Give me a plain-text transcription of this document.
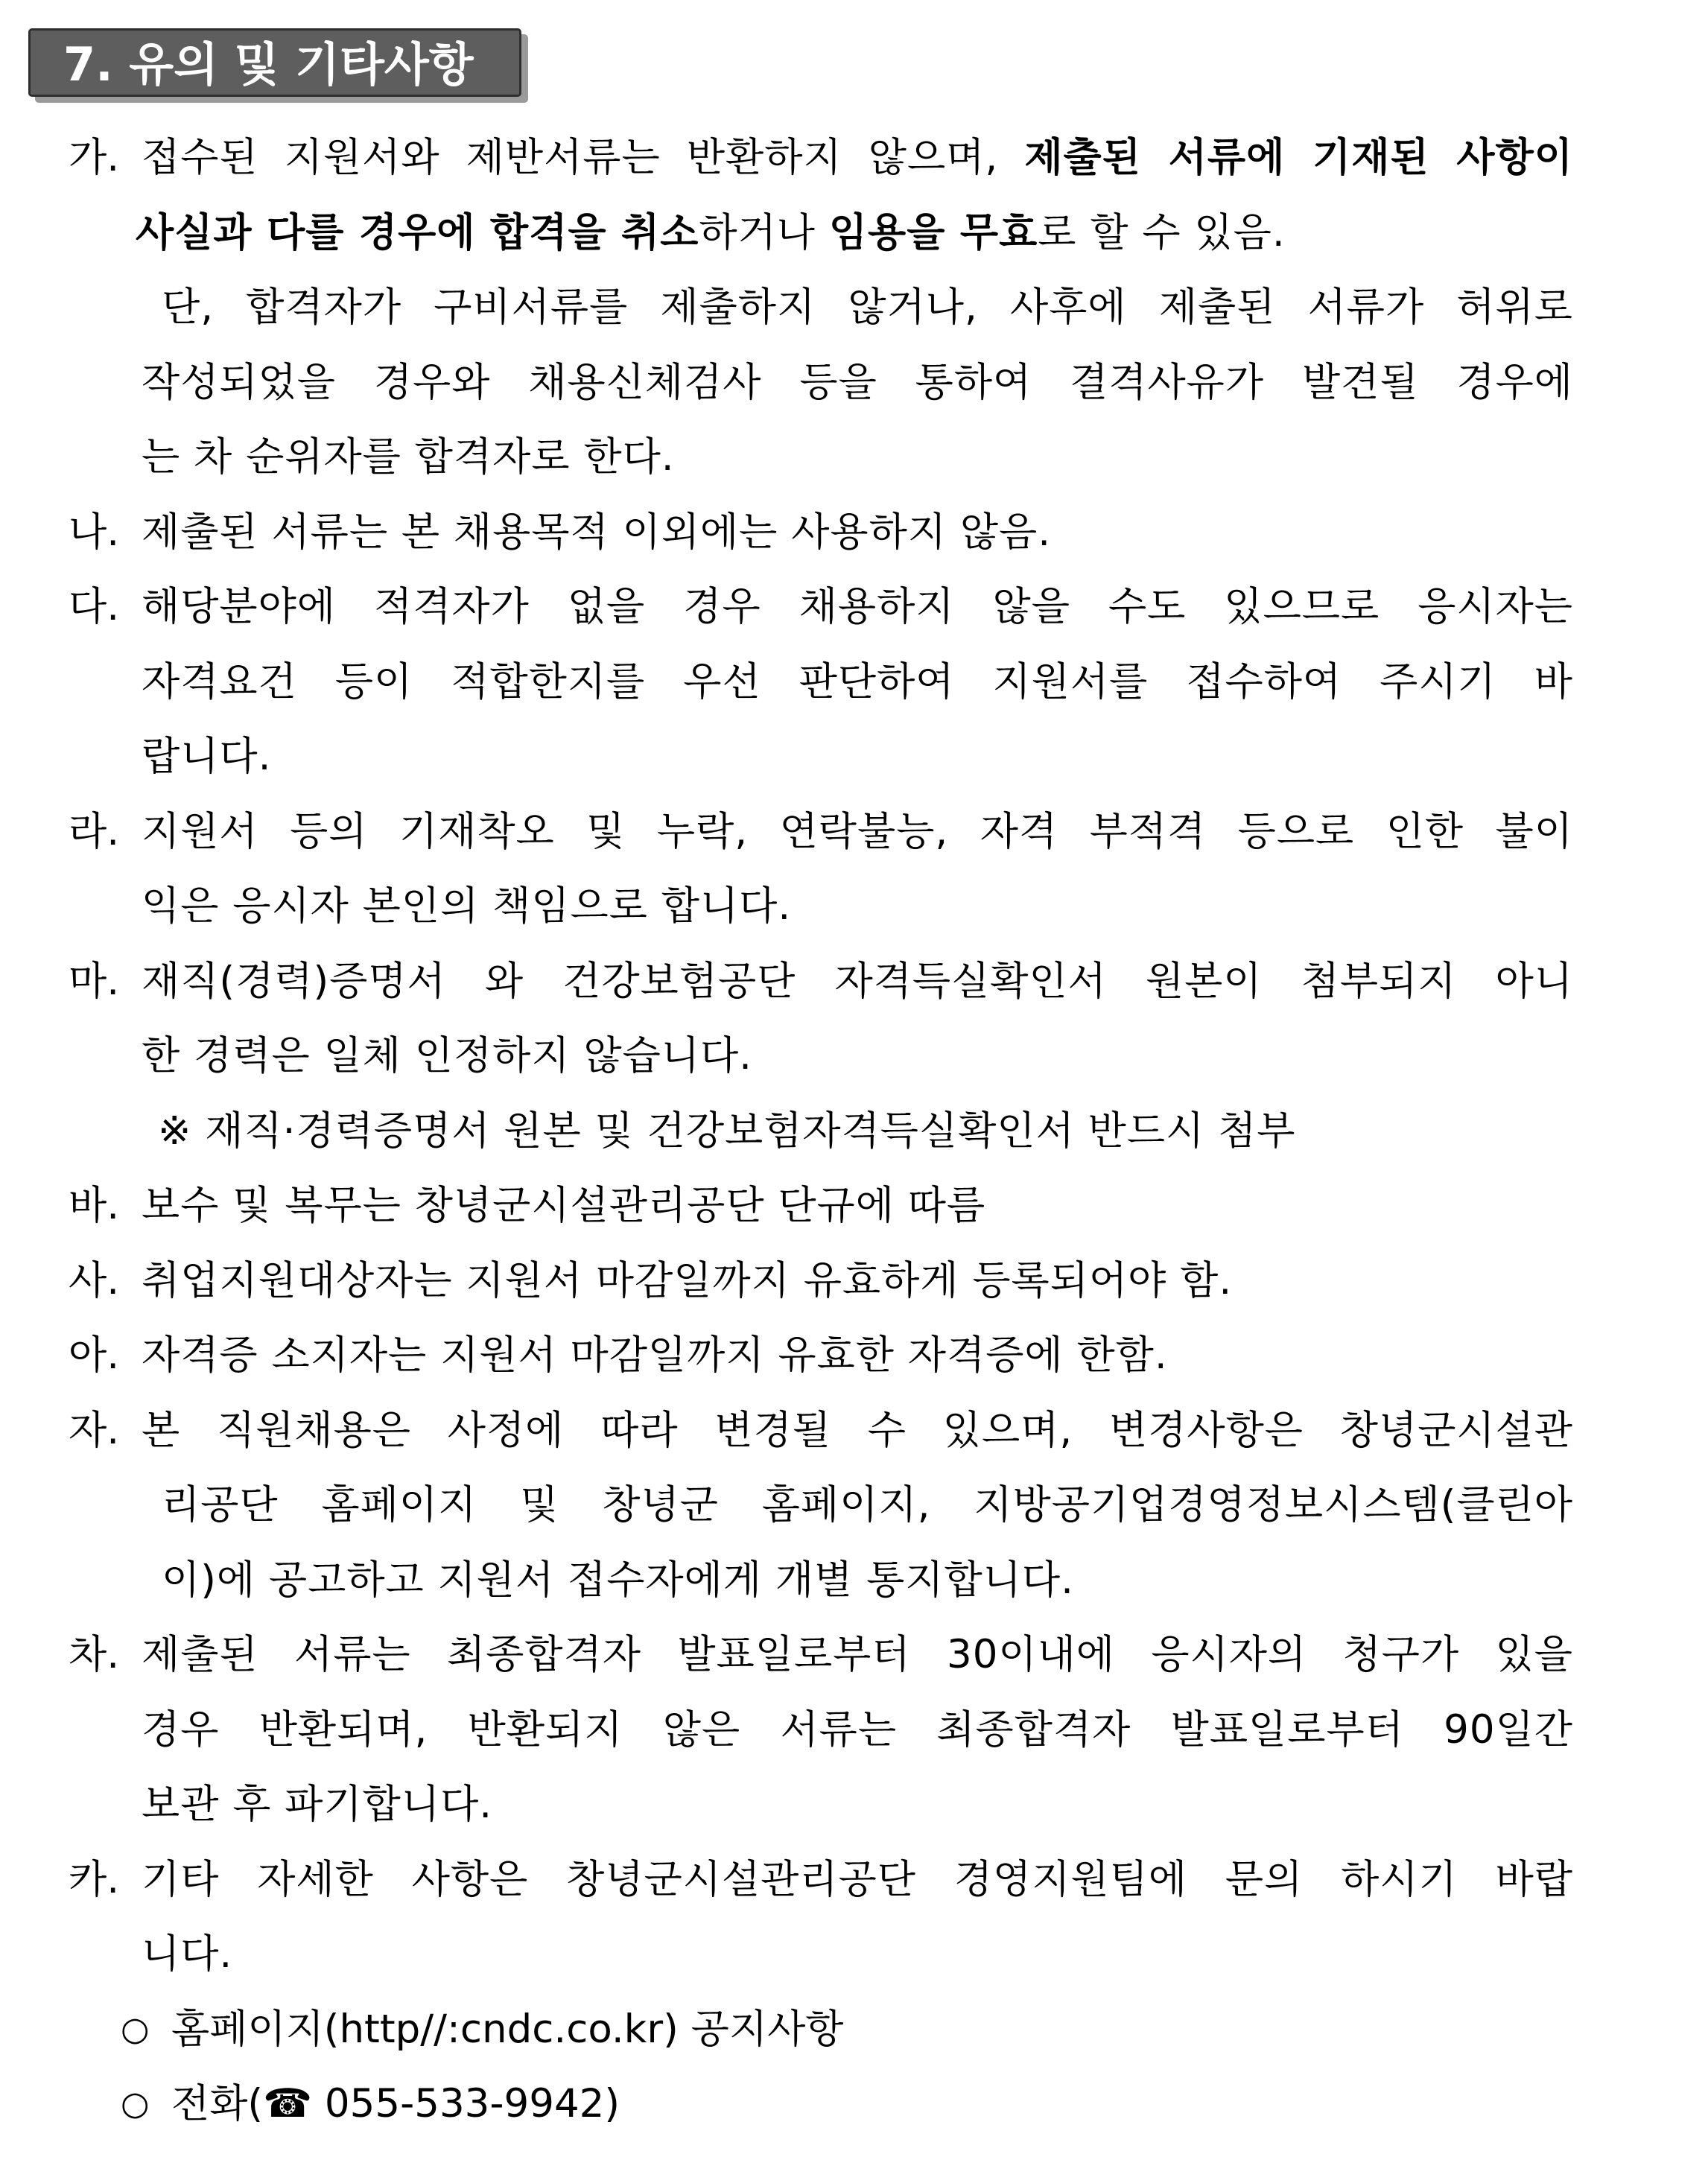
7. 유의 및 기타사항
가. 접수된 지원서와 제반서류는 반환하지 않으며, 제출된 서류에 기재된 사항이
사실과 다를 경우에 합격을 취소하거나 임용을 무효로 할 수 있음.
단, 합격자가 구비서류를 제출하지 않거나, 사후에 제출된 서류가 허위로
작성되었을 경우와 채용신체검사 등을 통하여 결격사유가 발견될 경우에
는 차 순위자를 합격자로 한다.
나. 제출된 서류는 본 채용목적 이외에는 사용하지 않음.
다. 해당분야에 적격자가 없을 경우 채용하지 않을 수도 있으므로 응시자는
자격요건 등이 적합한지를 우선 판단하여 지원서를 접수하여 주시기 바
랍니다.
라. 지원서 등의 기재착오 및 누락, 연락불능, 자격 부적격 등으로 인한 불이
익은 응시자 본인의 책임으로 합니다.
마. 재직(경력)증명서 와 건강보험공단 자격득실확인서 원본이 첨부되지 아니
한 경력은 일체 인정하지 않습니다.
※ 재직·경력증명서 원본 및 건강보험자격득실확인서 반드시 첨부
바. 보수 및 복무는 창녕군시설관리공단 단규에 따름
사. 취업지원대상자는 지원서 마감일까지 유효하게 등록되어야 함.
아. 자격증 소지자는 지원서 마감일까지 유효한 자격증에 한함.
자. 본 직원채용은 사정에 따라 변경될 수 있으며, 변경사항은 창녕군시설관
리공단 홈페이지 및 창녕군 홈페이지, 지방공기업경영정보시스템(클린아
이)에 공고하고 지원서 접수자에게 개별 통지합니다.
차. 제출된 서류는 최종합격자 발표일로부터 30이내에 응시자의 청구가 있을
경우 반환되며, 반환되지 않은 서류는 최종합격자 발표일로부터 90일간
보관 후 파기합니다.
카. 기타 자세한 사항은 창녕군시설관리공단 경영지원팀에 문의 하시기 바랍
니다.
○ 홈페이지(http//:cndc.co.kr) 공지사항
○ 전화(☎ 055-533-9942)
